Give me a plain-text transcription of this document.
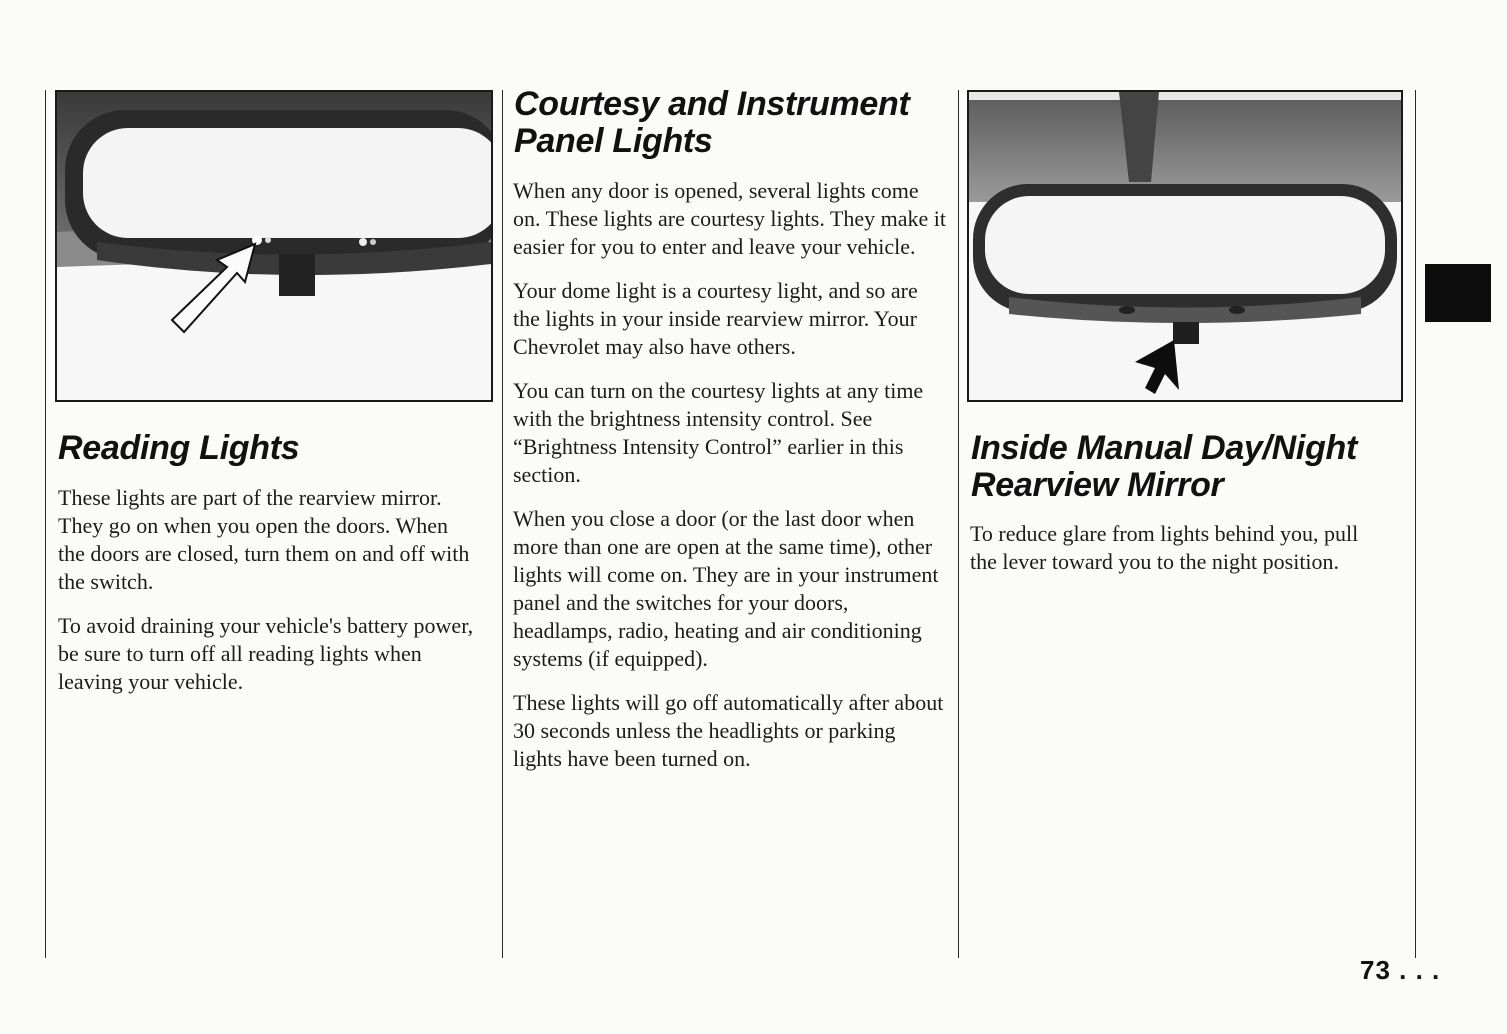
Reading Lights

These lights are part of the rearview mirror. They go on when you open the doors. When the doors are closed, turn them on and off with the switch.

To avoid draining your vehicle's battery power, be sure to turn off all reading lights when leaving your vehicle.

Courtesy and Instrument
Panel Lights

When any door is opened, several lights come on. These lights are courtesy lights. They make it easier for you to enter and leave your vehicle.

Your dome light is a courtesy light, and so are the lights in your inside rearview mirror. Your Chevrolet may also have others.

You can turn on the courtesy lights at any time with the brightness intensity control. See “Brightness Intensity Control” earlier in this section.

When you close a door (or the last door when more than one are open at the same time), other lights will come on. They are in your instrument panel and the switches for your doors, headlamps, radio, heating and air conditioning systems (if equipped).

These lights will go off automatically after about 30 seconds unless the headlights or parking lights have been turned on.

Inside Manual Day/Night
Rearview Mirror

To reduce glare from lights behind you, pull the lever toward you to the night position.

73 . . .
